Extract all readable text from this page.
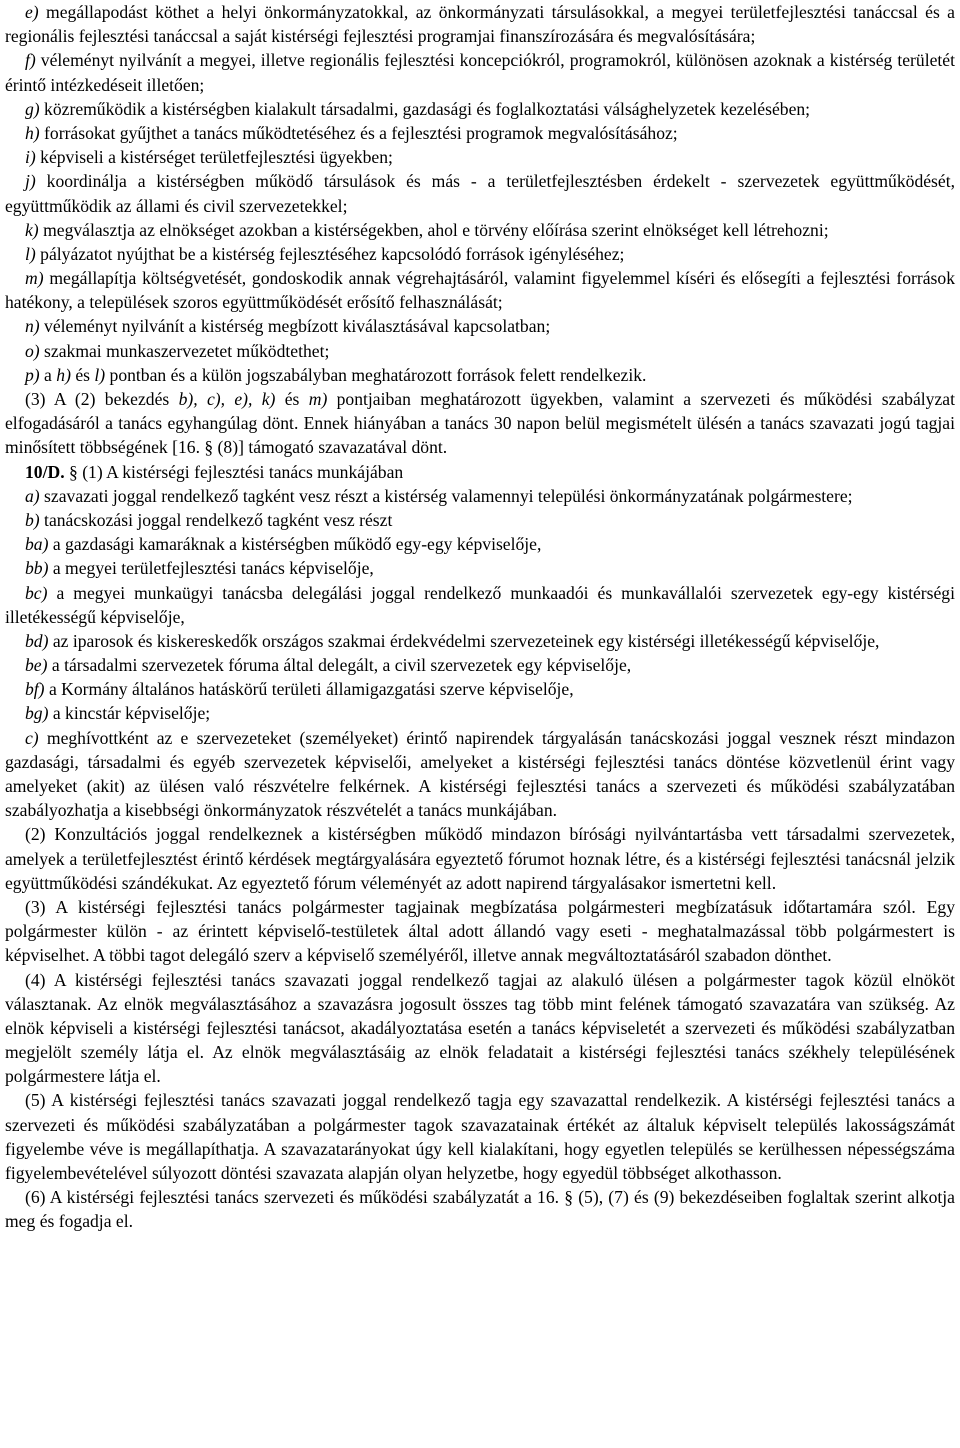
e) megállapodást köthet a helyi önkormányzatokkal, az önkormányzati társulásokkal, a megyei területfejlesztési tanáccsal és a regionális fejlesztési tanáccsal a saját kistérségi fejlesztési programjai finanszírozására és megvalósítására;

f) véleményt nyilvánít a megyei, illetve regionális fejlesztési koncepciókról, programokról, különösen azoknak a kistérség területét érintő intézkedéseit illetően;

g) közreműködik a kistérségben kialakult társadalmi, gazdasági és foglalkoztatási válsághelyzetek kezelésében;

h) forrásokat gyűjthet a tanács működtetéséhez és a fejlesztési programok megvalósításához;

i) képviseli a kistérséget területfejlesztési ügyekben;

j) koordinálja a kistérségben működő társulások és más - a területfejlesztésben érdekelt - szervezetek együttműködését, együttműködik az állami és civil szervezetekkel;

k) megválasztja az elnökséget azokban a kistérségekben, ahol e törvény előírása szerint elnökséget kell létrehozni;

l) pályázatot nyújthat be a kistérség fejlesztéséhez kapcsolódó források igényléséhez;

m) megállapítja költségvetését, gondoskodik annak végrehajtásáról, valamint figyelemmel kíséri és elősegíti a fejlesztési források hatékony, a települések szoros együttműködését erősítő felhasználását;

n) véleményt nyilvánít a kistérség megbízott kiválasztásával kapcsolatban;

o) szakmai munkaszervezetet működtethet;

p) a h) és l) pontban és a külön jogszabályban meghatározott források felett rendelkezik.

(3) A (2) bekezdés b), c), e), k) és m) pontjaiban meghatározott ügyekben, valamint a szervezeti és működési szabályzat elfogadásáról a tanács egyhangúlag dönt. Ennek hiányában a tanács 30 napon belül megismételt ülésén a tanács szavazati jogú tagjai minősített többségének [16. § (8)] támogató szavazatával dönt.

10/D. § (1) A kistérségi fejlesztési tanács munkájában

a) szavazati joggal rendelkező tagként vesz részt a kistérség valamennyi települési önkormányzatának polgármestere;

b) tanácskozási joggal rendelkező tagként vesz részt

ba) a gazdasági kamaráknak a kistérségben működő egy-egy képviselője,

bb) a megyei területfejlesztési tanács képviselője,

bc) a megyei munkaügyi tanácsba delegálási joggal rendelkező munkaadói és munkavállalói szervezetek egy-egy kistérségi illetékességű képviselője,

bd) az iparosok és kiskereskedők országos szakmai érdekvédelmi szervezeteinek egy kistérségi illetékességű képviselője,

be) a társadalmi szervezetek fóruma által delegált, a civil szervezetek egy képviselője,

bf) a Kormány általános hatáskörű területi államigazgatási szerve képviselője,

bg) a kincstár képviselője;

c) meghívottként az e szervezeteket (személyeket) érintő napirendek tárgyalásán tanácskozási joggal vesznek részt mindazon gazdasági, társadalmi és egyéb szervezetek képviselői, amelyeket a kistérségi fejlesztési tanács döntése közvetlenül érint vagy amelyeket (akit) az ülésen való részvételre felkérnek. A kistérségi fejlesztési tanács a szervezeti és működési szabályzatában szabályozhatja a kisebbségi önkormányzatok részvételét a tanács munkájában.

(2) Konzultációs joggal rendelkeznek a kistérségben működő mindazon bírósági nyilvántartásba vett társadalmi szervezetek, amelyek a területfejlesztést érintő kérdések megtárgyalására egyeztető fórumot hoznak létre, és a kistérségi fejlesztési tanácsnál jelzik együttműködési szándékukat. Az egyeztető fórum véleményét az adott napirend tárgyalásakor ismertetni kell.

(3) A kistérségi fejlesztési tanács polgármester tagjainak megbízatása polgármesteri megbízatásuk időtartamára szól. Egy polgármester külön - az érintett képviselő-testületek által adott állandó vagy eseti - meghatalmazással több polgármestert is képviselhet. A többi tagot delegáló szerv a képviselő személyéről, illetve annak megváltoztatásáról szabadon dönthet.

(4) A kistérségi fejlesztési tanács szavazati joggal rendelkező tagjai az alakuló ülésen a polgármester tagok közül elnököt választanak. Az elnök megválasztásához a szavazásra jogosult összes tag több mint felének támogató szavazatára van szükség. Az elnök képviseli a kistérségi fejlesztési tanácsot, akadályoztatása esetén a tanács képviseletét a szervezeti és működési szabályzatban megjelölt személy látja el. Az elnök megválasztásáig az elnök feladatait a kistérségi fejlesztési tanács székhely településének polgármestere látja el.

(5) A kistérségi fejlesztési tanács szavazati joggal rendelkező tagja egy szavazattal rendelkezik. A kistérségi fejlesztési tanács a szervezeti és működési szabályzatában a polgármester tagok szavazatainak értékét az általuk képviselt település lakosságszámát figyelembe véve is megállapíthatja. A szavazatarányokat úgy kell kialakítani, hogy egyetlen település se kerülhessen népességszáma figyelembevételével súlyozott döntési szavazata alapján olyan helyzetbe, hogy egyedül többséget alkothasson.

(6) A kistérségi fejlesztési tanács szervezeti és működési szabályzatát a 16. § (5), (7) és (9) bekezdéseiben foglaltak szerint alkotja meg és fogadja el.
